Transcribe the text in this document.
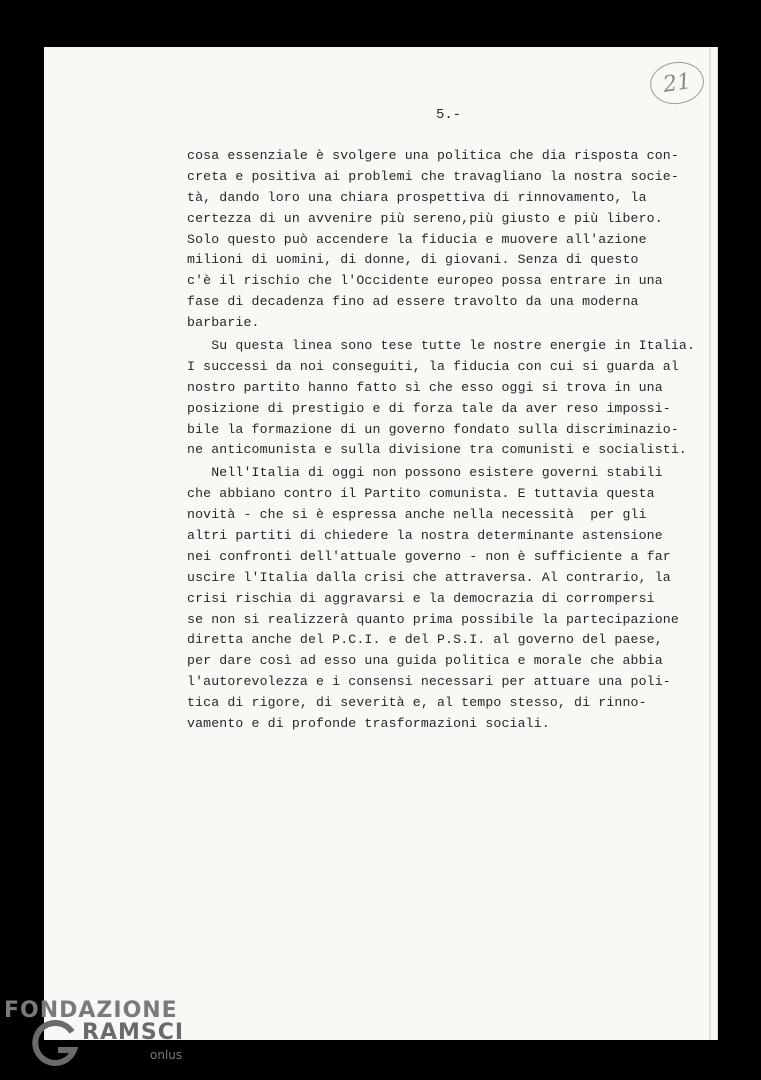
21
5.-
cosa essenziale è svolgere una politica che dia risposta con-
creta e positiva ai problemi che travagliano la nostra socie-
tà, dando loro una chiara prospettiva di rinnovamento, la
certezza di un avvenire più sereno,più giusto e più libero.
Solo questo può accendere la fiducia e muovere all'azione
milioni di uomini, di donne, di giovani. Senza di questo
c'è il rischio che l'Occidente europeo possa entrare in una
fase di decadenza fino ad essere travolto da una moderna
barbarie.
Su questa linea sono tese tutte le nostre energie in Italia.
I successi da noi conseguiti, la fiducia con cui si guarda al
nostro partito hanno fatto sì che esso oggi si trova in una
posizione di prestigio e di forza tale da aver reso impossi-
bile la formazione di un governo fondato sulla discriminazio-
ne anticomunista e sulla divisione tra comunisti e socialisti.
Nell'Italia di oggi non possono esistere governi stabili
che abbiano contro il Partito comunista. E tuttavia questa
novità - che si è espressa anche nella necessità  per gli
altri partiti di chiedere la nostra determinante astensione
nei confronti dell'attuale governo - non è sufficiente a far
uscire l'Italia dalla crisi che attraversa. Al contrario, la
crisi rischia di aggravarsi e la democrazia di corrompersi
se non si realizzerà quanto prima possibile la partecipazione
diretta anche del P.C.I. e del P.S.I. al governo del paese,
per dare così ad esso una guida politica e morale che abbia
l'autorevolezza e i consensi necessari per attuare una poli-
tica di rigore, di severità e, al tempo stesso, di rinno-
vamento e di profonde trasformazioni sociali.
FONDAZIONE
RAMSCI
onlus
